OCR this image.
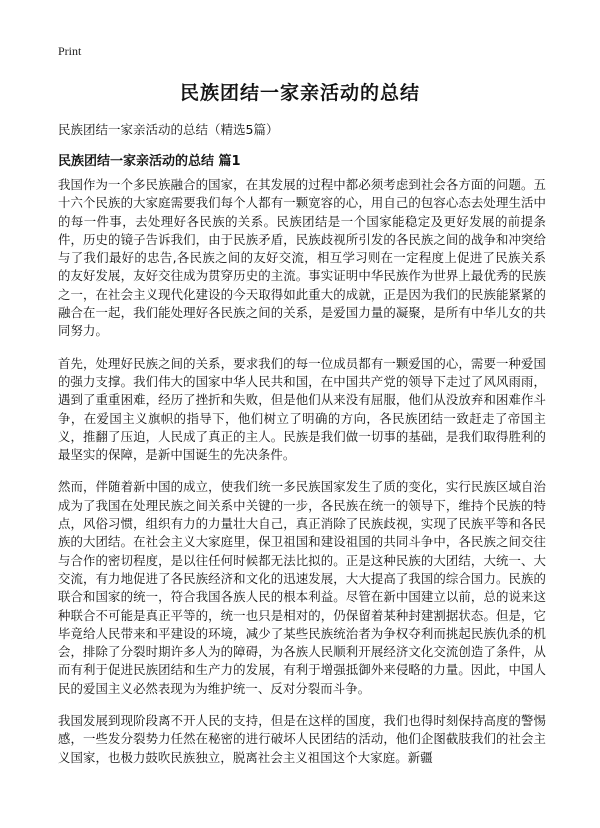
Print
民族团结一家亲活动的总结

民族团结一家亲活动的总结（精选5篇）

民族团结一家亲活动的总结 篇1

我国作为一个多民族融合的国家，在其发展的过程中都必须考虑到社会各方面的问题。五十六个民族的大家庭需要我们每个人都有一颗宽容的心，用自己的包容心态去处理生活中的每一件事，去处理好各民族的关系。民族团结是一个国家能稳定及更好发展的前提条件，历史的镜子告诉我们，由于民族矛盾，民族歧视所引发的各民族之间的战争和冲突给与了我们最好的忠告,各民族之间的友好交流，相互学习则在一定程度上促进了民族关系的友好发展，友好交往成为贯穿历史的主流。事实证明中华民族作为世界上最优秀的民族之一，在社会主义现代化建设的今天取得如此重大的成就，正是因为我们的民族能紧紧的融合在一起，我们能处理好各民族之间的关系，是爱国力量的凝聚，是所有中华儿女的共同努力。

首先，处理好民族之间的关系，要求我们的每一位成员都有一颗爱国的心，需要一种爱国的强力支撑。我们伟大的国家中华人民共和国，在中国共产党的领导下走过了风风雨雨，遇到了重重困难，经历了挫折和失败，但是他们从来没有屈服，他们从没放弃和困难作斗争，在爱国主义旗帜的指导下，他们树立了明确的方向，各民族团结一致赶走了帝国主义，推翻了压迫，人民成了真正的主人。民族是我们做一切事的基础，是我们取得胜利的最坚实的保障，是新中国诞生的先决条件。

然而，伴随着新中国的成立，使我们统一多民族国家发生了质的变化，实行民族区域自治成为了我国在处理民族之间关系中关键的一步，各民族在统一的领导下，维持个民族的特点，风俗习惯，组织有力的力量壮大自己，真正消除了民族歧视，实现了民族平等和各民族的大团结。在社会主义大家庭里，保卫祖国和建设祖国的共同斗争中，各民族之间交往与合作的密切程度，是以往任何时候都无法比拟的。正是这种民族的大团结，大统一、大交流，有力地促进了各民族经济和文化的迅速发展，大大提高了我国的综合国力。民族的联合和国家的统一，符合我国各族人民的根本利益。尽管在新中国建立以前，总的说来这种联合不可能是真正平等的，统一也只是相对的，仍保留着某种封建割据状态。但是，它毕竟给人民带来和平建设的环境，减少了某些民族统治者为争权夺利而挑起民族仇杀的机会，排除了分裂时期许多人为的障碍，为各族人民顺利开展经济文化交流创造了条件，从而有利于促进民族团结和生产力的发展，有利于增强抵御外来侵略的力量。因此，中国人民的爱国主义必然表现为为维护统一、反对分裂而斗争。

我国发展到现阶段离不开人民的支持，但是在这样的国度，我们也得时刻保持高度的警惕感，一些发分裂势力任然在秘密的进行破坏人民团结的活动，他们企图截肢我们的社会主义国家，也极力鼓吹民族独立，脱离社会主义祖国这个大家庭。新疆
